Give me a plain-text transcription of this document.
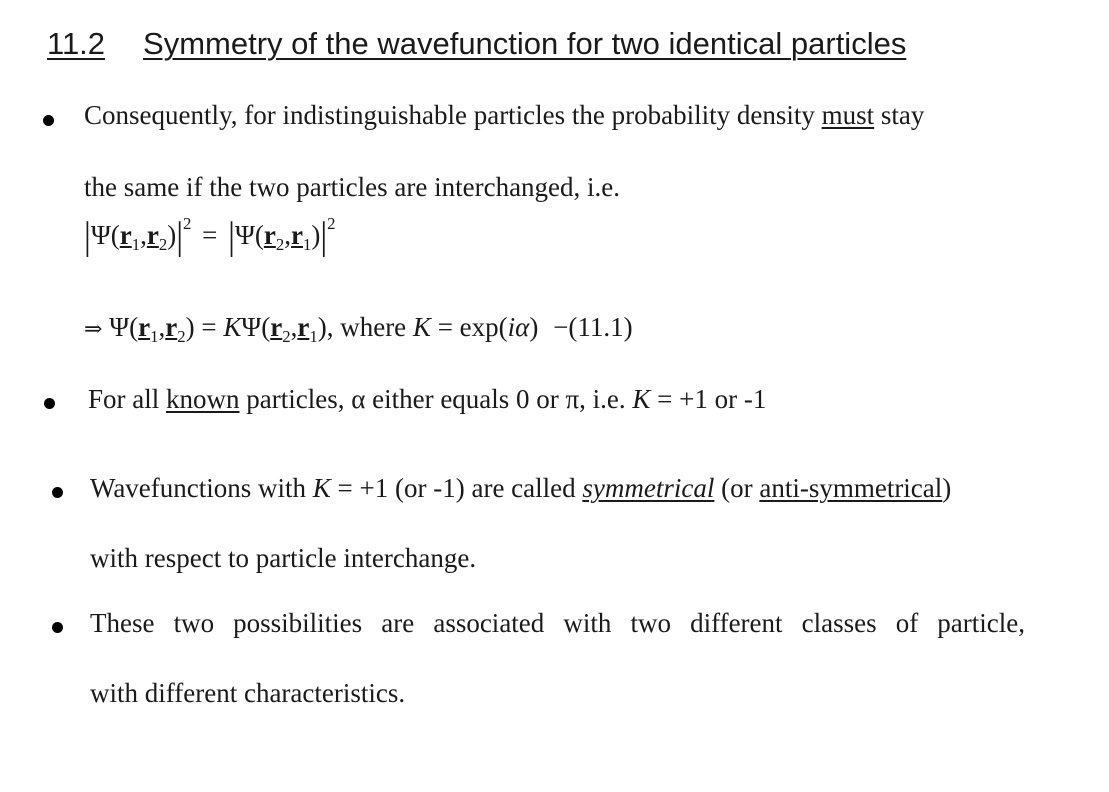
11.2 Symmetry of the wavefunction for two identical particles
Consequently, for indistinguishable particles the probability density must stay
the same if the two particles are interchanged, i.e.
$|\Psi(r_1,r_2)|^2 = |\Psi(r_2,r_1)|^2$
⇒ $\Psi(r_1,r_2) = K\Psi(r_2,r_1)$, where K = exp(iα) −(11.1)
For all known particles, α either equals 0 or π, i.e. K = +1 or -1
Wavefunctions with K = +1 (or -1) are called symmetrical (or anti-symmetrical)
with respect to particle interchange.
These two possibilities are associated with two different classes of particle,
with different characteristics.
